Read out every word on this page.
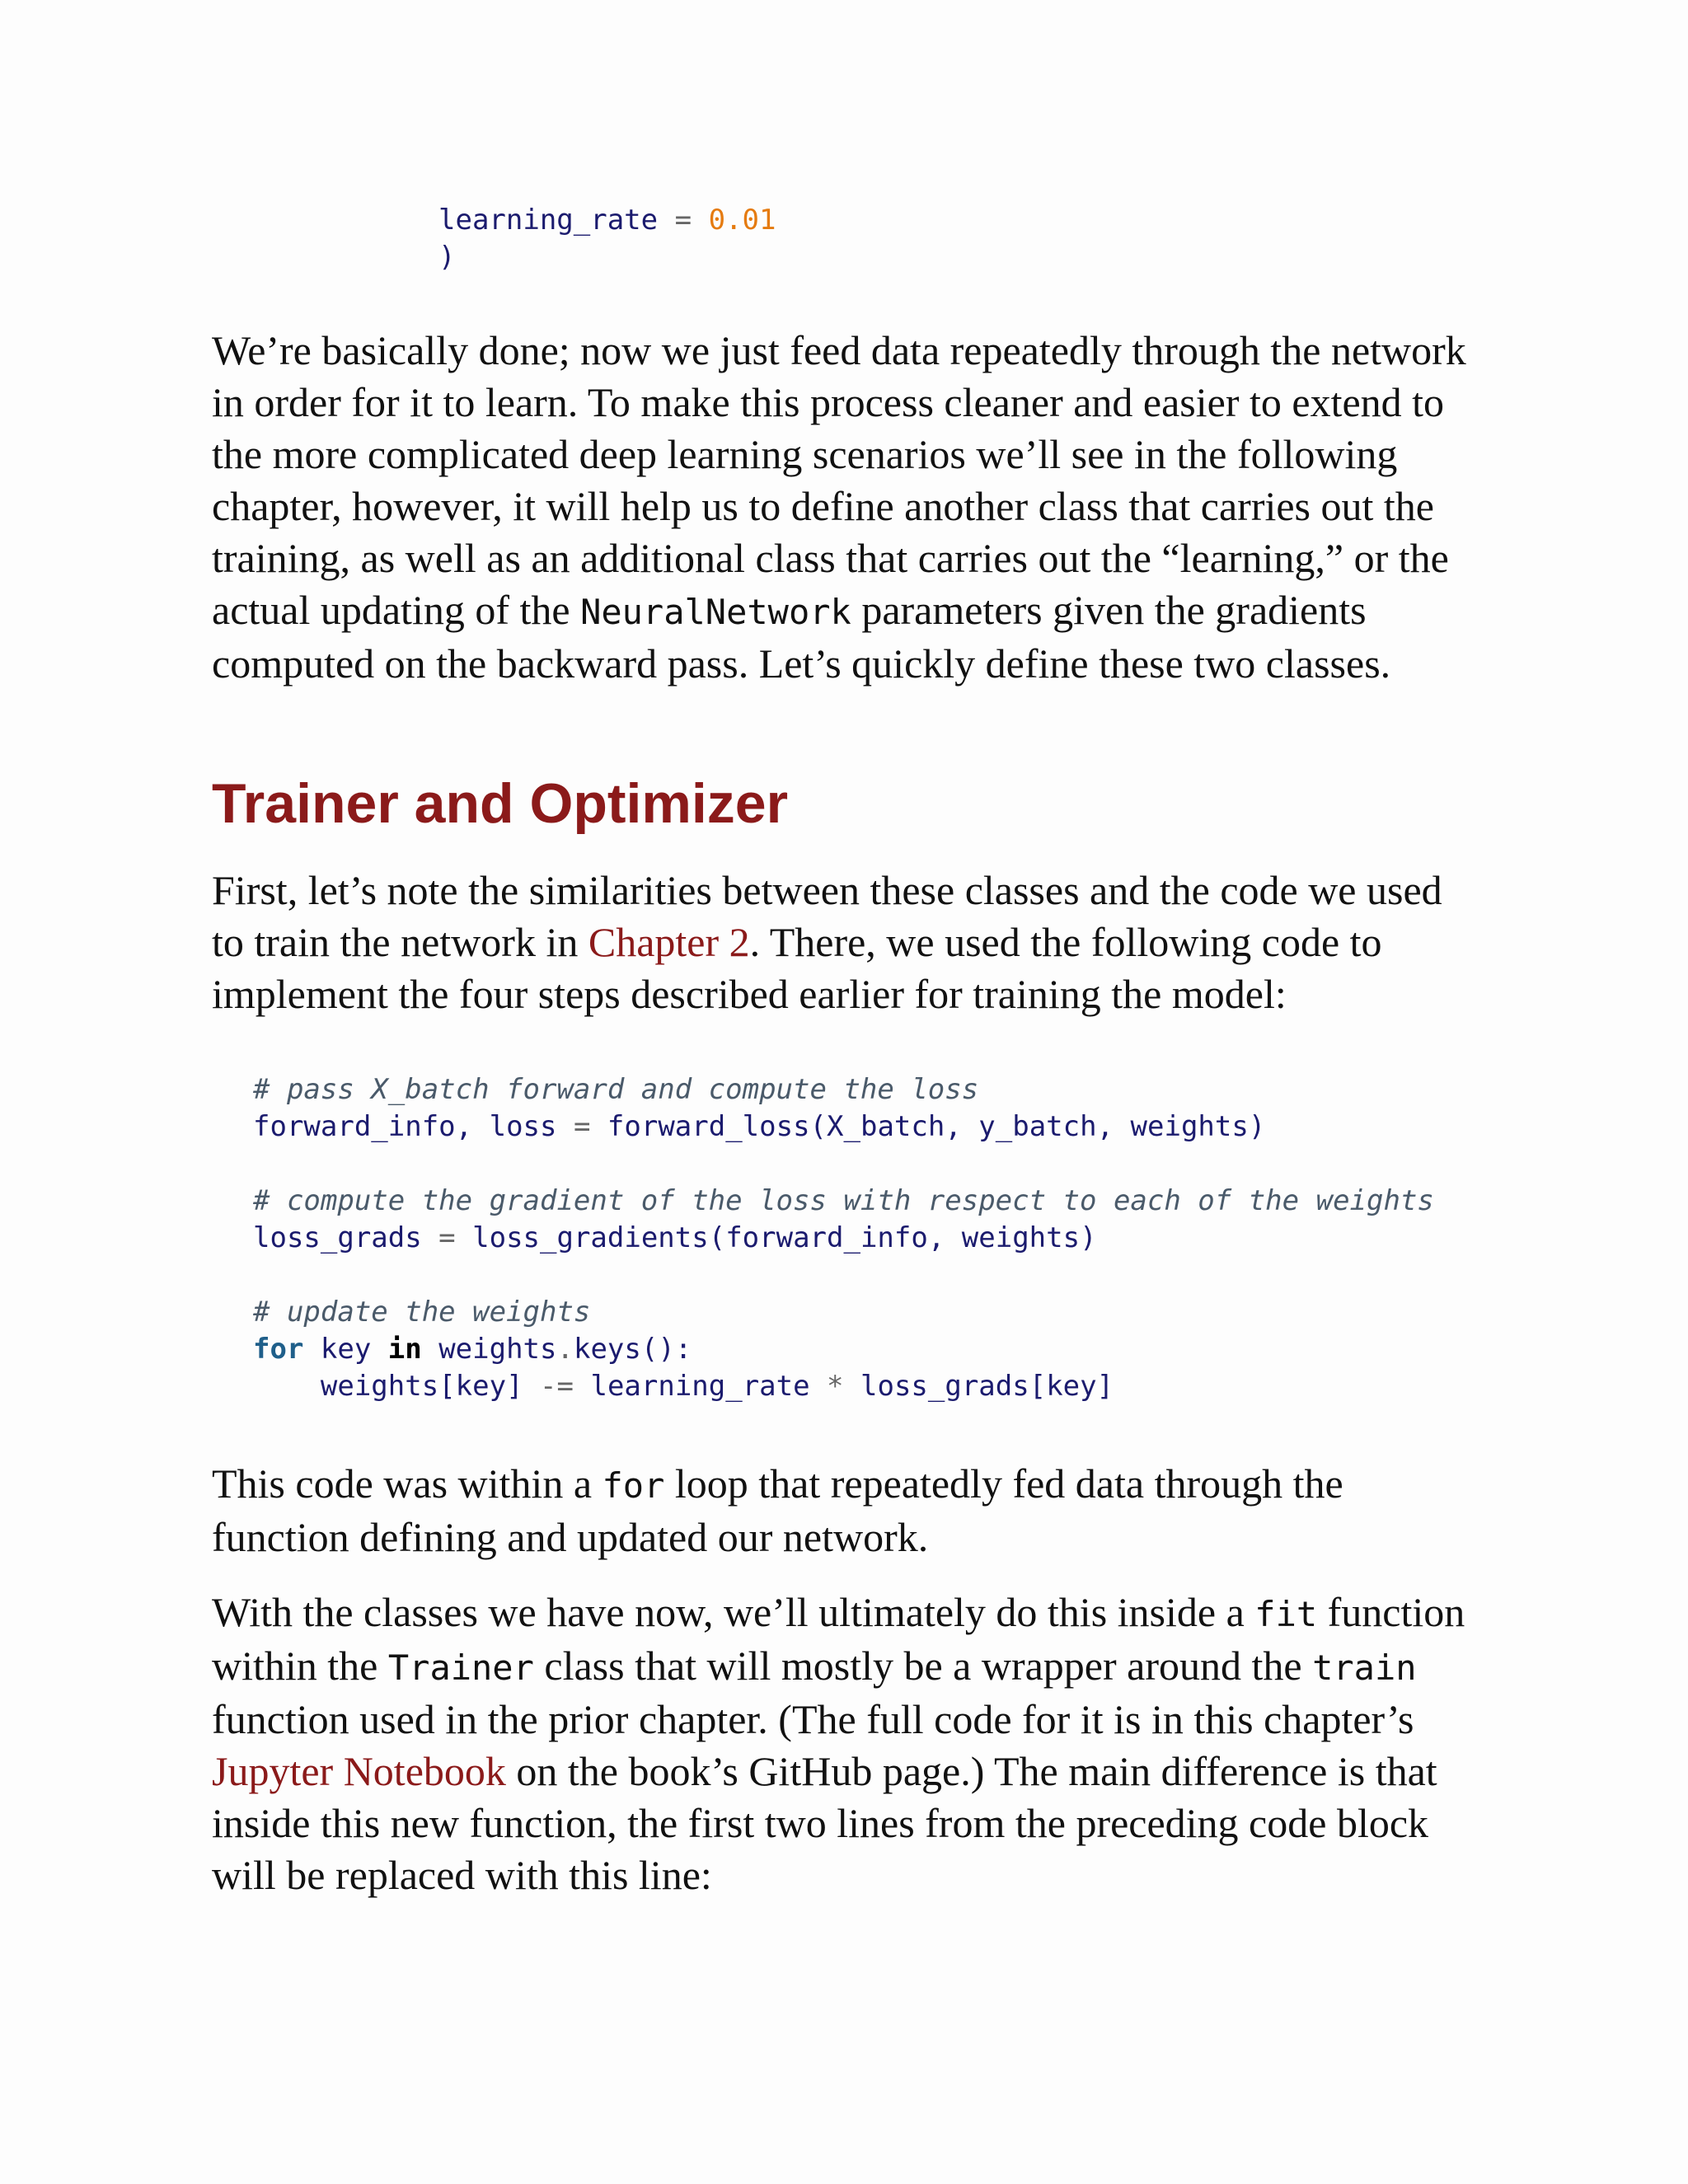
learning_rate = 0.01
)

We’re basically done; now we just feed data repeatedly through the network
in order for it to learn. To make this process cleaner and easier to extend to
the more complicated deep learning scenarios we’ll see in the following
chapter, however, it will help us to define another class that carries out the
training, as well as an additional class that carries out the “learning,” or the
actual updating of the NeuralNetwork parameters given the gradients
computed on the backward pass. Let’s quickly define these two classes.

Trainer and Optimizer

First, let’s note the similarities between these classes and the code we used
to train the network in Chapter 2. There, we used the following code to
implement the four steps described earlier for training the model:

# pass X_batch forward and compute the loss
forward_info, loss = forward_loss(X_batch, y_batch, weights)

# compute the gradient of the loss with respect to each of the weights
loss_grads = loss_gradients(forward_info, weights)

# update the weights
for key in weights.keys():
weights[key] -= learning_rate * loss_grads[key]

This code was within a for loop that repeatedly fed data through the
function defining and updated our network.

With the classes we have now, we’ll ultimately do this inside a fit function
within the Trainer class that will mostly be a wrapper around the train
function used in the prior chapter. (The full code for it is in this chapter’s
Jupyter Notebook on the book’s GitHub page.) The main difference is that
inside this new function, the first two lines from the preceding code block
will be replaced with this line:
